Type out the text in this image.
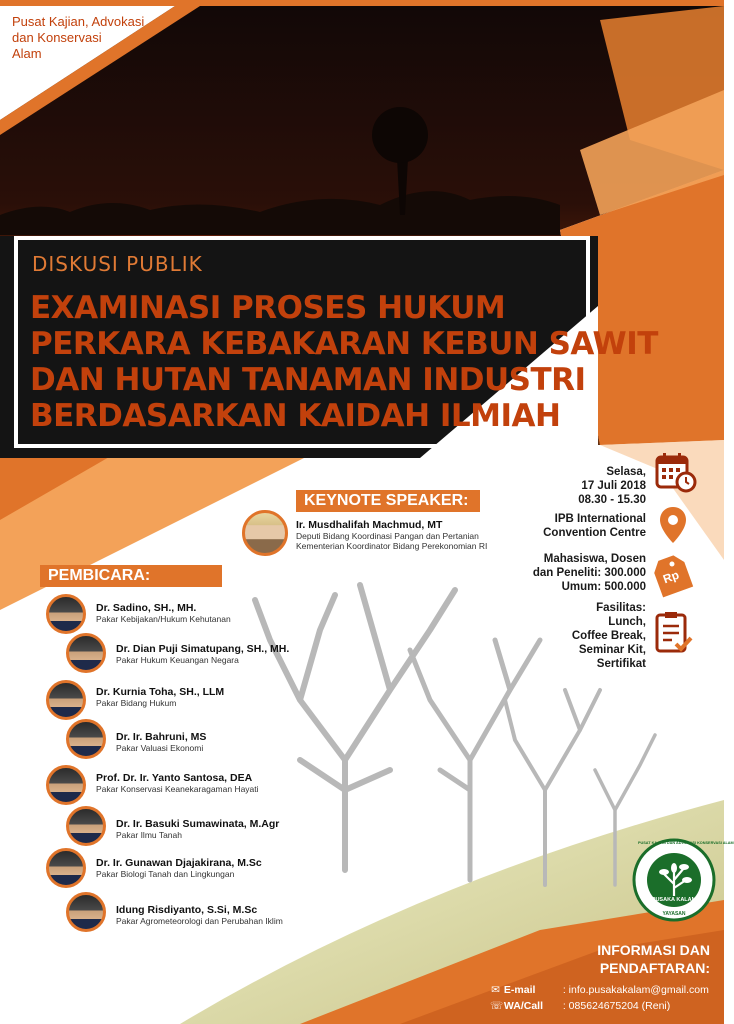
Pusat Kajian, Advokasi
dan Konservasi
Alam
DISKUSI PUBLIK
EXAMINASI PROSES HUKUM
PERKARA KEBAKARAN KEBUN SAWIT
DAN HUTAN TANAMAN INDUSTRI
BERDASARKAN KAIDAH ILMIAH
Selasa,
17 Juli 2018
08.30 - 15.30
IPB International
Convention Centre
Mahasiswa, Dosen
dan Peneliti: 300.000
Umum: 500.000
Rp
Fasilitas:
Lunch,
Coffee Break,
Seminar Kit,
Sertifikat
KEYNOTE SPEAKER:
Ir. Musdhalifah Machmud, MT
Deputi Bidang Koordinasi Pangan dan Pertanian
Kementerian Koordinator Bidang Perekonomian RI
PEMBICARA:
Dr. Sadino, SH., MH.
Pakar Kebijakan/Hukum Kehutanan
Dr. Dian Puji Simatupang, SH., MH.
Pakar Hukum Keuangan Negara
Dr. Kurnia Toha, SH., LLM
Pakar Bidang Hukum
Dr. Ir. Bahruni, MS
Pakar Valuasi Ekonomi
Prof. Dr. Ir. Yanto Santosa, DEA
Pakar Konservasi Keanekaragaman Hayati
Dr. Ir. Basuki Sumawinata, M.Agr
Pakar Ilmu Tanah
Dr. Ir. Gunawan Djajakirana, M.Sc
Pakar Biologi Tanah dan Lingkungan
Idung Risdiyanto, S.Si, M.Sc
Pakar Agrometeorologi dan Perubahan Iklim
PUSAKA KALAM
PUSAT KAJIAN DAN ADVOKASI KONSERVASI ALAM
YAYASAN
INFORMASI DAN
PENDAFTARAN:
✉ E-mail	: info.pusakakalam@gmail.com
☏ WA/Call : 085624675204 (Reni)
